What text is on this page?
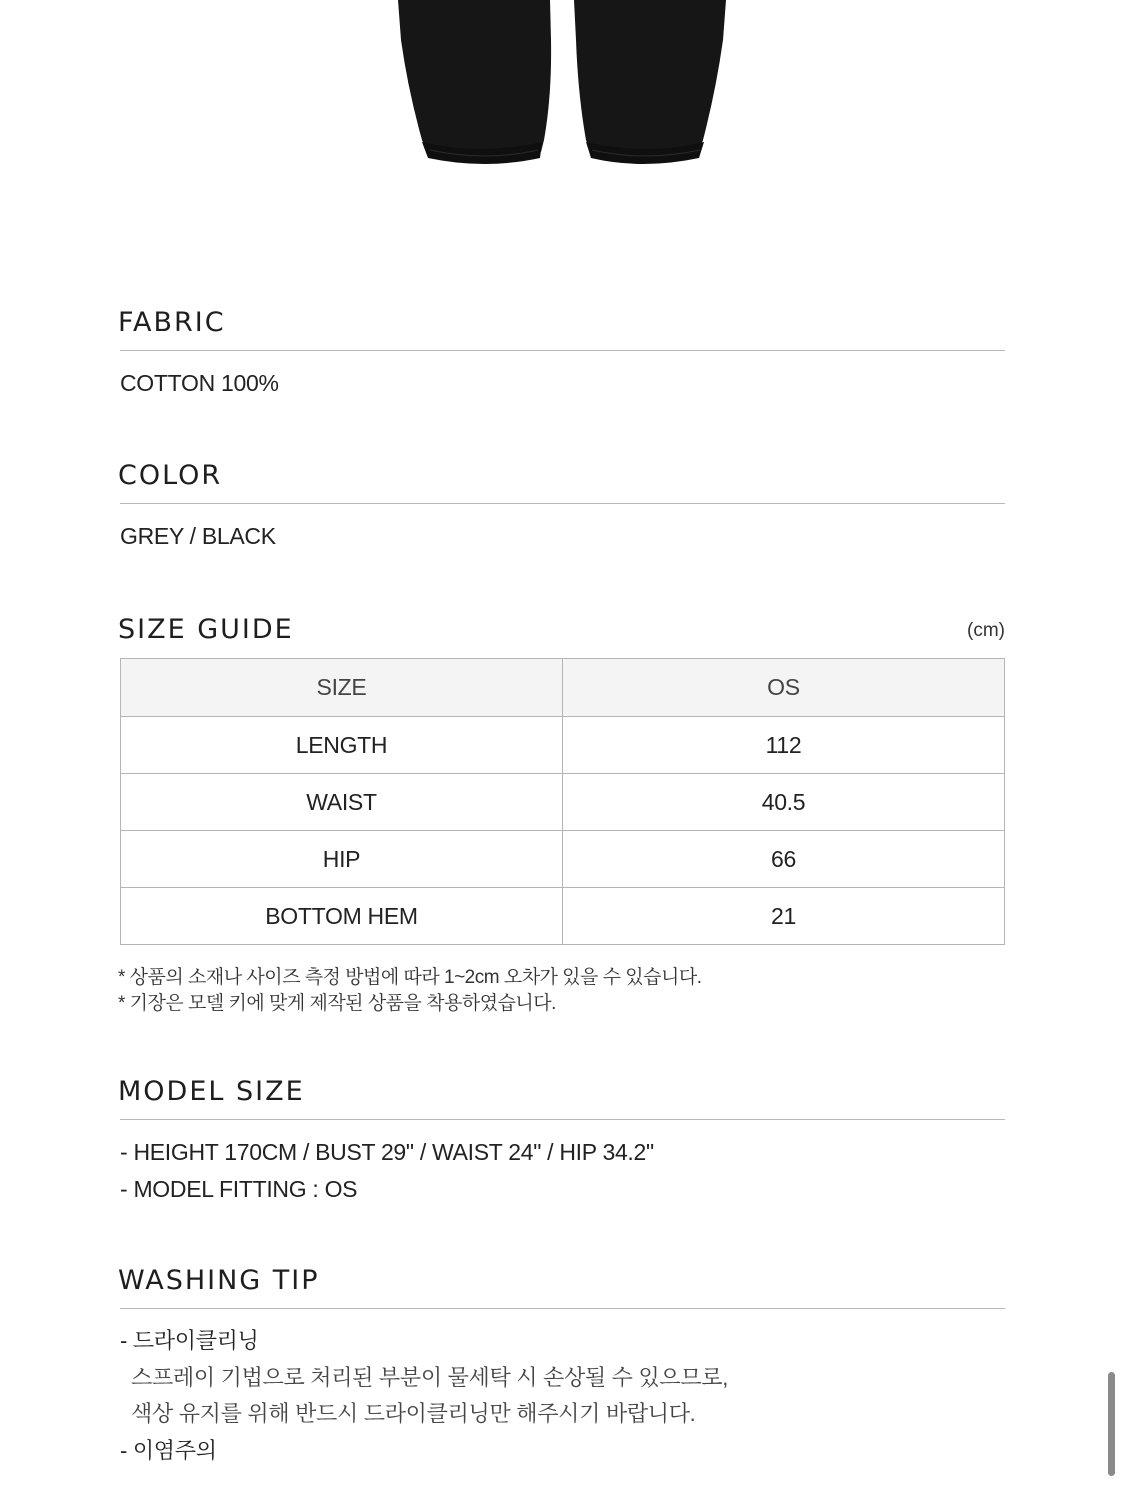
FABRIC
COTTON 100%
COLOR
GREY / BLACK
SIZE GUIDE	(cm)
SIZE	OS
LENGTH	112
WAIST	40.5
HIP	66
BOTTOM HEM	21
* 상품의 소재나 사이즈 측정 방법에 따라 1~2cm 오차가 있을 수 있습니다.
* 기장은 모델 키에 맞게 제작된 상품을 착용하였습니다.
MODEL SIZE
- HEIGHT 170CM / BUST 29" / WAIST 24" / HIP 34.2"
- MODEL FITTING : OS
WASHING TIP
- 드라이클리닝
스프레이 기법으로 처리된 부분이 물세탁 시 손상될 수 있으므로,
색상 유지를 위해 반드시 드라이클리닝만 해주시기 바랍니다.
- 이염주의
